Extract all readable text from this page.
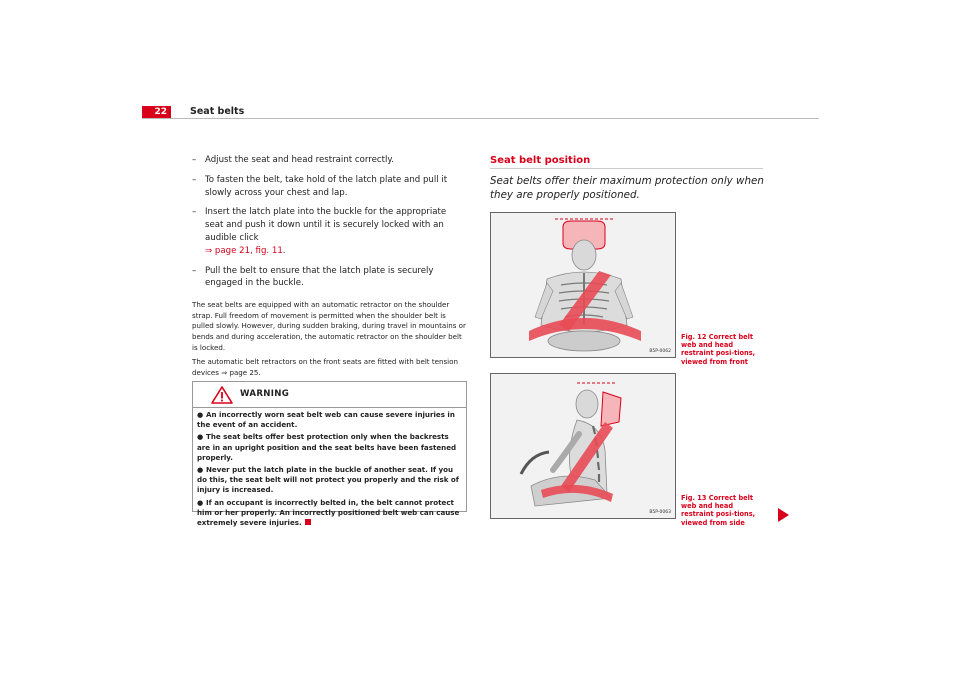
22	Seat belts
– Adjust the seat and head restraint correctly.
– To fasten the belt, take hold of the latch plate and pull it slowly across your chest and lap.
– Insert the latch plate into the buckle for the appropriate seat and push it down until it is securely locked with an audible click
⇒ page 21, fig. 11.
– Pull the belt to ensure that the latch plate is securely engaged in the buckle.

The seat belts are equipped with an automatic retractor on the shoulder strap. Full freedom of movement is permitted when the shoulder belt is pulled slowly. However, during sudden braking, during travel in mountains or bends and during acceleration, the automatic retractor on the shoulder belt is locked.

The automatic belt retractors on the front seats are fitted with belt tension devices ⇒ page 25.

WARNING
● An incorrectly worn seat belt web can cause severe injuries in the event of an accident.
● The seat belts offer best protection only when the backrests are in an upright position and the seat belts have been fastened properly.
● Never put the latch plate in the buckle of another seat. If you do this, the seat belt will not protect you properly and the risk of injury is increased.
● If an occupant is incorrectly belted in, the belt cannot protect him or her properly. An incorrectly positioned belt web can cause extremely severe injuries.
Seat belt position
Seat belts offer their maximum protection only when they are properly positioned.
B5P-0062
Fig. 12 Correct belt web and head restraint posi-tions, viewed from front
B5P-0063
Fig. 13 Correct belt web and head restraint posi-tions, viewed from side
